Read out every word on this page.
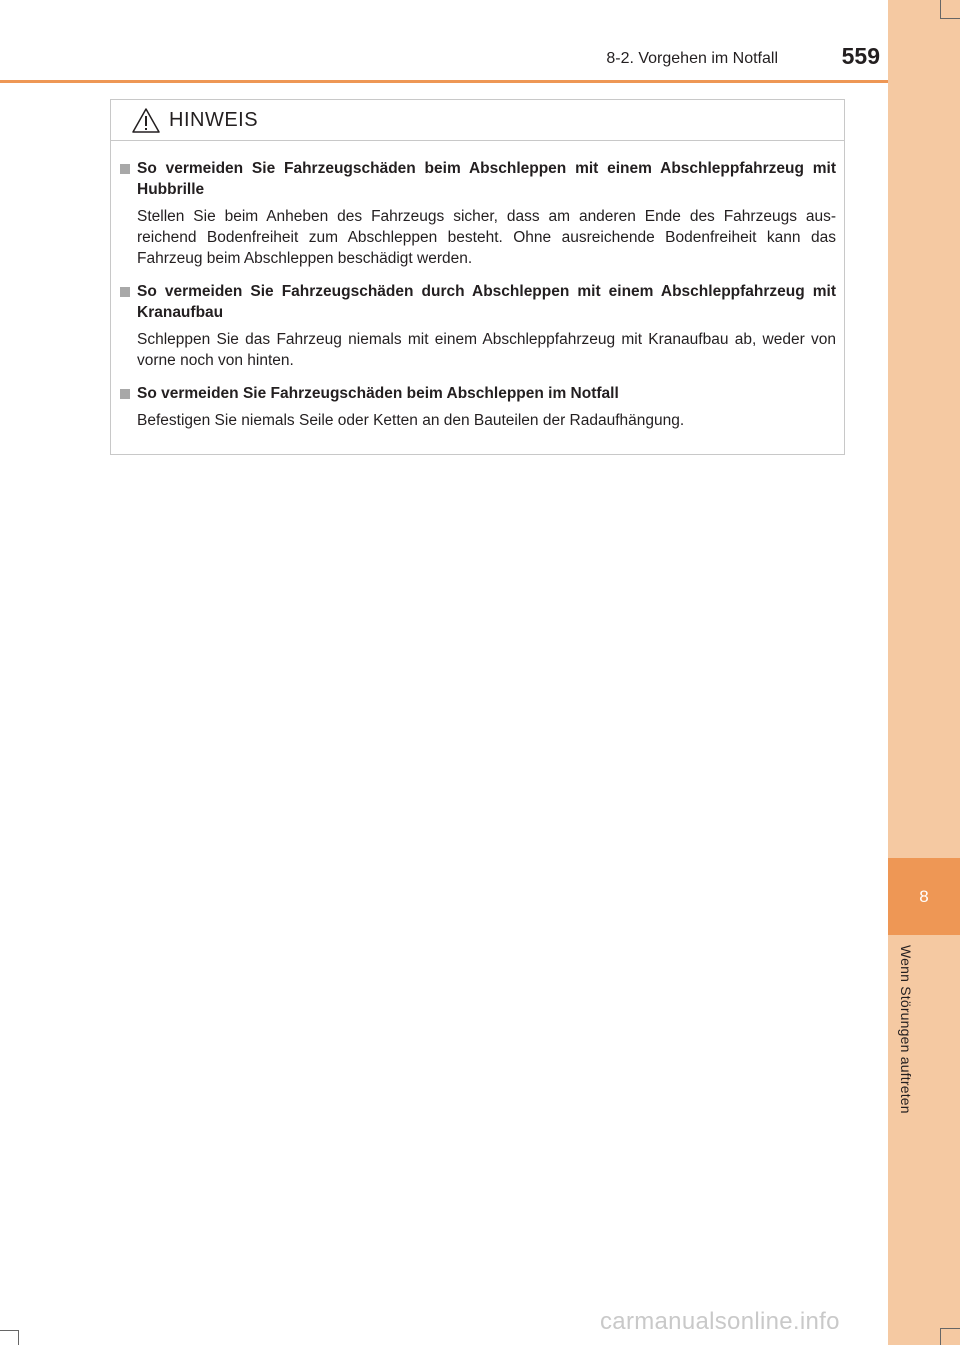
8
Wenn Störungen auftreten
8-2. Vorgehen im Notfall	559
HINWEIS

So vermeiden Sie Fahrzeugschäden beim Abschleppen mit einem Abschleppfahrzeug mit Hubbrille

Stellen Sie beim Anheben des Fahrzeugs sicher, dass am anderen Ende des Fahrzeugs aus- reichend Bodenfreiheit zum Abschleppen besteht. Ohne ausreichende Bodenfreiheit kann das Fahrzeug beim Abschleppen beschädigt werden.

So vermeiden Sie Fahrzeugschäden durch Abschleppen mit einem Abschleppfahrzeug mit Kranaufbau

Schleppen Sie das Fahrzeug niemals mit einem Abschleppfahrzeug mit Kranaufbau ab, weder von vorne noch von hinten.

So vermeiden Sie Fahrzeugschäden beim Abschleppen im Notfall

Befestigen Sie niemals Seile oder Ketten an den Bauteilen der Radaufhängung.

carmanualsonline.info
